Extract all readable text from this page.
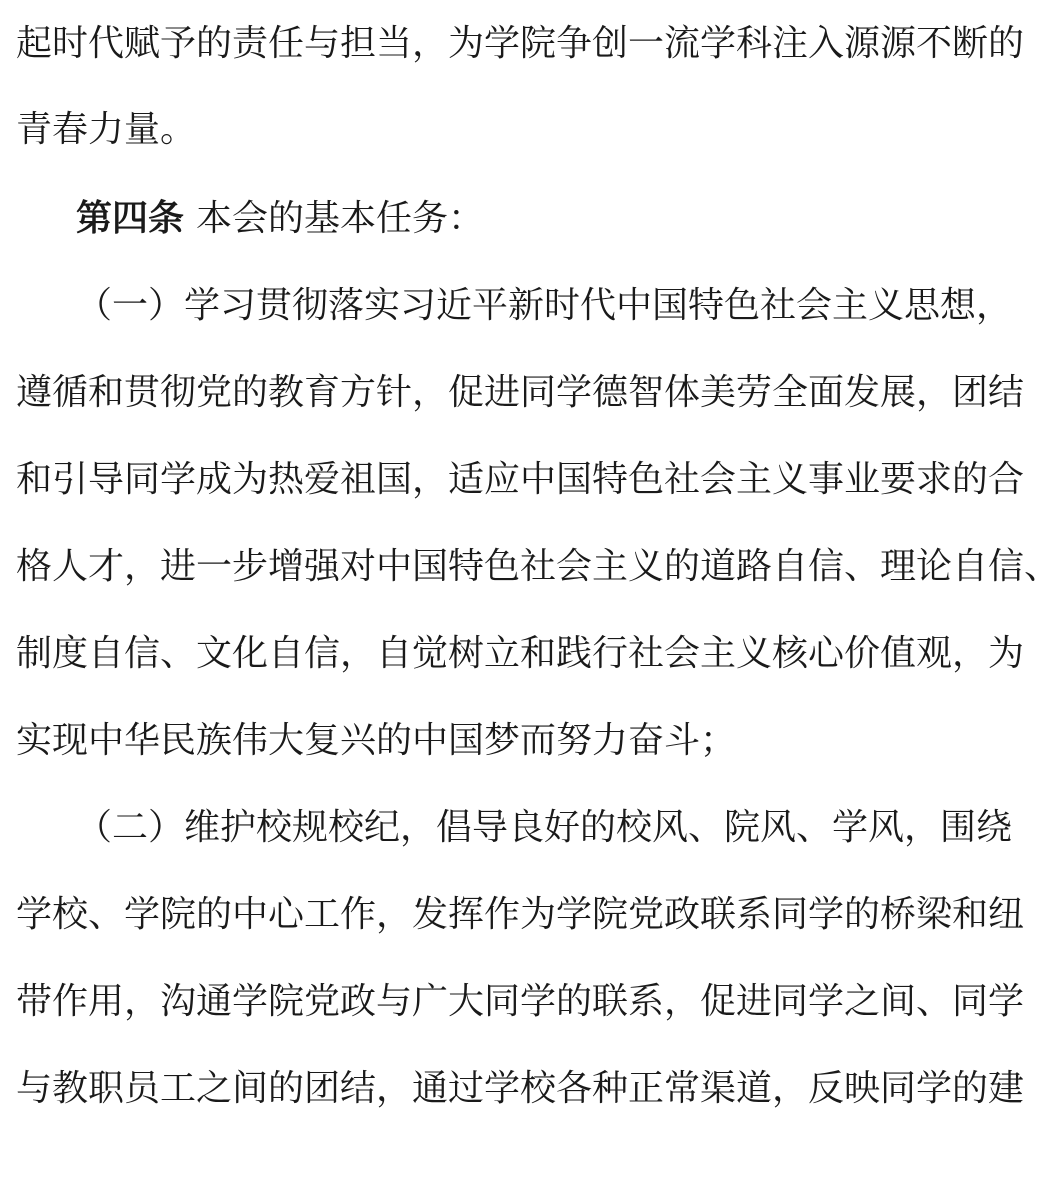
起时代赋予的责任与担当，为学院争创一流学科注入源源不断的
青春力量。
第四条 本会的基本任务：
（一）学习贯彻落实习近平新时代中国特色社会主义思想，
遵循和贯彻党的教育方针，促进同学德智体美劳全面发展，团结
和引导同学成为热爱祖国，适应中国特色社会主义事业要求的合
格人才，进一步增强对中国特色社会主义的道路自信、理论自信、
制度自信、文化自信，自觉树立和践行社会主义核心价值观，为
实现中华民族伟大复兴的中国梦而努力奋斗；
（二）维护校规校纪，倡导良好的校风、院风、学风，围绕
学校、学院的中心工作，发挥作为学院党政联系同学的桥梁和纽
带作用，沟通学院党政与广大同学的联系，促进同学之间、同学
与教职员工之间的团结，通过学校各种正常渠道，反映同学的建
